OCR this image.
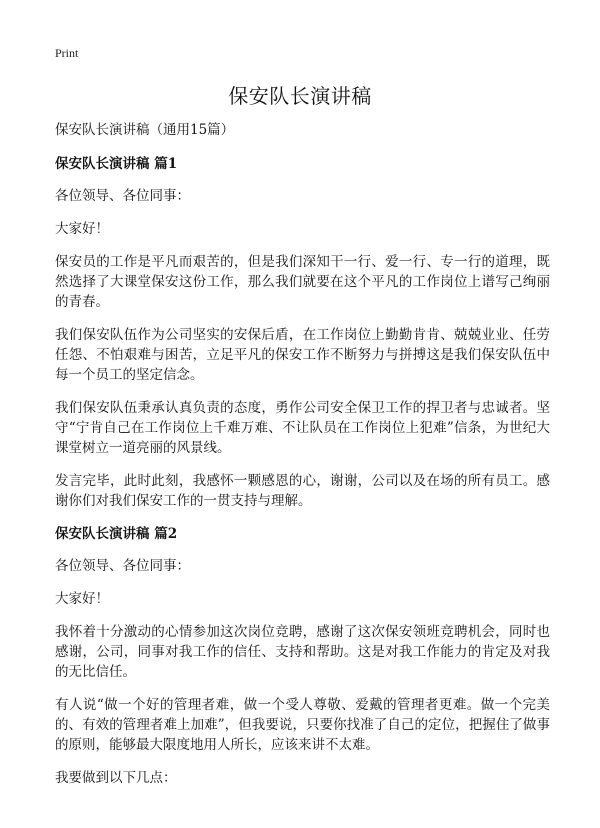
Print
保安队长演讲稿

保安队长演讲稿（通用15篇）

保安队长演讲稿 篇1

各位领导、各位同事：

大家好！

保安员的工作是平凡而艰苦的，但是我们深知干一行、爱一行、专一行的道理，既然选择了大课堂保安这份工作，那么我们就要在这个平凡的工作岗位上谱写己绚丽的青春。

我们保安队伍作为公司坚实的安保后盾，在工作岗位上勤勤肯肯、兢兢业业、任劳任怨、不怕艰难与困苦，立足平凡的保安工作不断努力与拼搏这是我们保安队伍中每一个员工的坚定信念。

我们保安队伍秉承认真负责的态度，勇作公司安全保卫工作的捍卫者与忠诚者。坚守“宁肯自己在工作岗位上千难万难、不让队员在工作岗位上犯难”信条，为世纪大课堂树立一道亮丽的风景线。

发言完毕，此时此刻，我感怀一颗感恩的心，谢谢，公司以及在场的所有员工。感谢你们对我们保安工作的一贯支持与理解。

保安队长演讲稿 篇2

各位领导、各位同事：

大家好！

我怀着十分激动的心情参加这次岗位竞聘，感谢了这次保安领班竞聘机会，同时也感谢，公司，同事对我工作的信任、支持和帮助。这是对我工作能力的肯定及对我的无比信任。

有人说“做一个好的管理者难，做一个受人尊敬、爱戴的管理者更难。做一个完美的、有效的管理者难上加难”，但我要说，只要你找准了自己的定位，把握住了做事的原则，能够最大限度地用人所长，应该来讲不太难。

我要做到以下几点：
